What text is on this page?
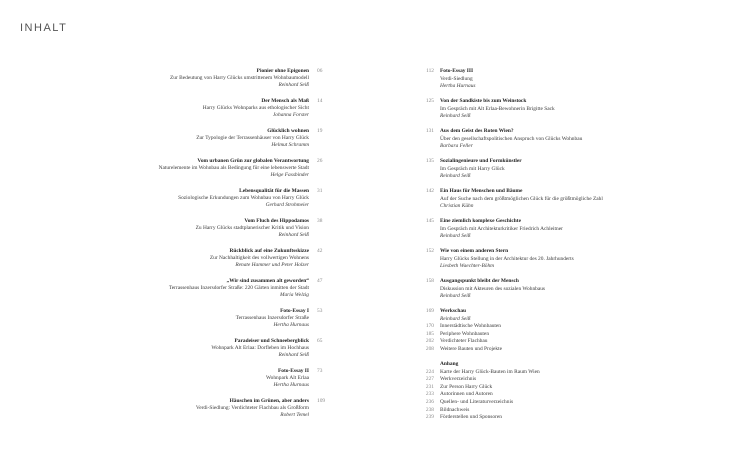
INHALT
Pionier ohne Epigonen
Zur Bedeutung von Harry Glücks umstrittenem Wohnbaumodell
Reinhard Seiß
06
Der Mensch als Maß
Harry Glücks Wohnparks aus ethologischer Sicht
Johanna Forster
14
Glücklich wohnen
Zur Typologie der Terrassenhäuser von Harry Glück
Helmut Schramm
19
Vom urbanen Grün zur globalen Verantwortung
Naturelemente im Wohnbau als Bedingung für eine lebenswerte Stadt
Helge Fassbinder
26
Lebensqualität für die Massen
Soziologische Erkundungen zum Wohnbau von Harry Glück
Gerhard Strohmeier
31
Vom Fluch des Hippodamos
Zu Harry Glücks stadtplanerischer Kritik und Vision
Reinhard Seiß
38
Rückblick auf eine Zukunftsskizze
Zur Nachhaltigkeit des vollwertigen Wohnens
Renate Hammer und Peter Holzer
42
„Wir sind zusammen alt geworden“
Terrassenhaus Inzersdorfer Straße: 220 Gärten inmitten der Stadt
Maria Welzig
47
Foto-Essay I
Terrassenhaus Inzersdorfer Straße
Hertha Hurnaus
53
Paradeiser und Schneebergblick
Wohnpark Alt Erlaa: Dorfleben im Hochhaus
Reinhard Seiß
65
Foto-Essay II
Wohnpark Alt Erlaa
Hertha Hurnaus
73
Häuschen im Grünen, aber anders
Verdi-Siedlung: Verdichteter Flachbau als Großform
Robert Temel
109
112 Foto-Essay III
Verdi-Siedlung
Hertha Hurnaus
125 Von der Sandkiste bis zum Weinstock
Im Gespräch mit Alt Erlaa-Bewohnerin Brigitte Sack
Reinhard Seiß
131 Aus dem Geist des Roten Wien?
Über den gesellschaftspolitischen Anspruch von Glücks Wohnbau
Barbara Feller
135 Sozialingenieure und Formkünstler
Im Gespräch mit Harry Glück
Reinhard Seiß
142 Ein Haus für Menschen und Bäume
Auf der Suche nach dem größtmöglichen Glück für die größtmögliche Zahl
Christian Kühn
145 Eine ziemlich komplexe Geschichte
Im Gespräch mit Architekturkritiker Friedrich Achleitner
Reinhard Seiß
152 Wie von einem anderen Stern
Harry Glücks Stellung in der Architektur des 20. Jahrhunderts
Liesbeth Waechter-Böhm
158 Ausgangspunkt bleibt der Mensch
Diskussion mit Akteuren des sozialen Wohnbaus
Reinhard Seiß
169 Werkschau
Reinhard Seiß
170 Innerstädtische Wohnbauten
185 Periphere Wohnbauten
202 Verdichteter Flachbau
208 Weitere Bauten und Projekte
Anhang
224 Karte der Harry Glück-Bauten im Raum Wien
227 Werkverzeichnis
231 Zur Person Harry Glück
233 Autorinnen und Autoren
236 Quellen- und Literaturverzeichnis
238 Bildnachweis
239 Förderstellen und Sponsoren
